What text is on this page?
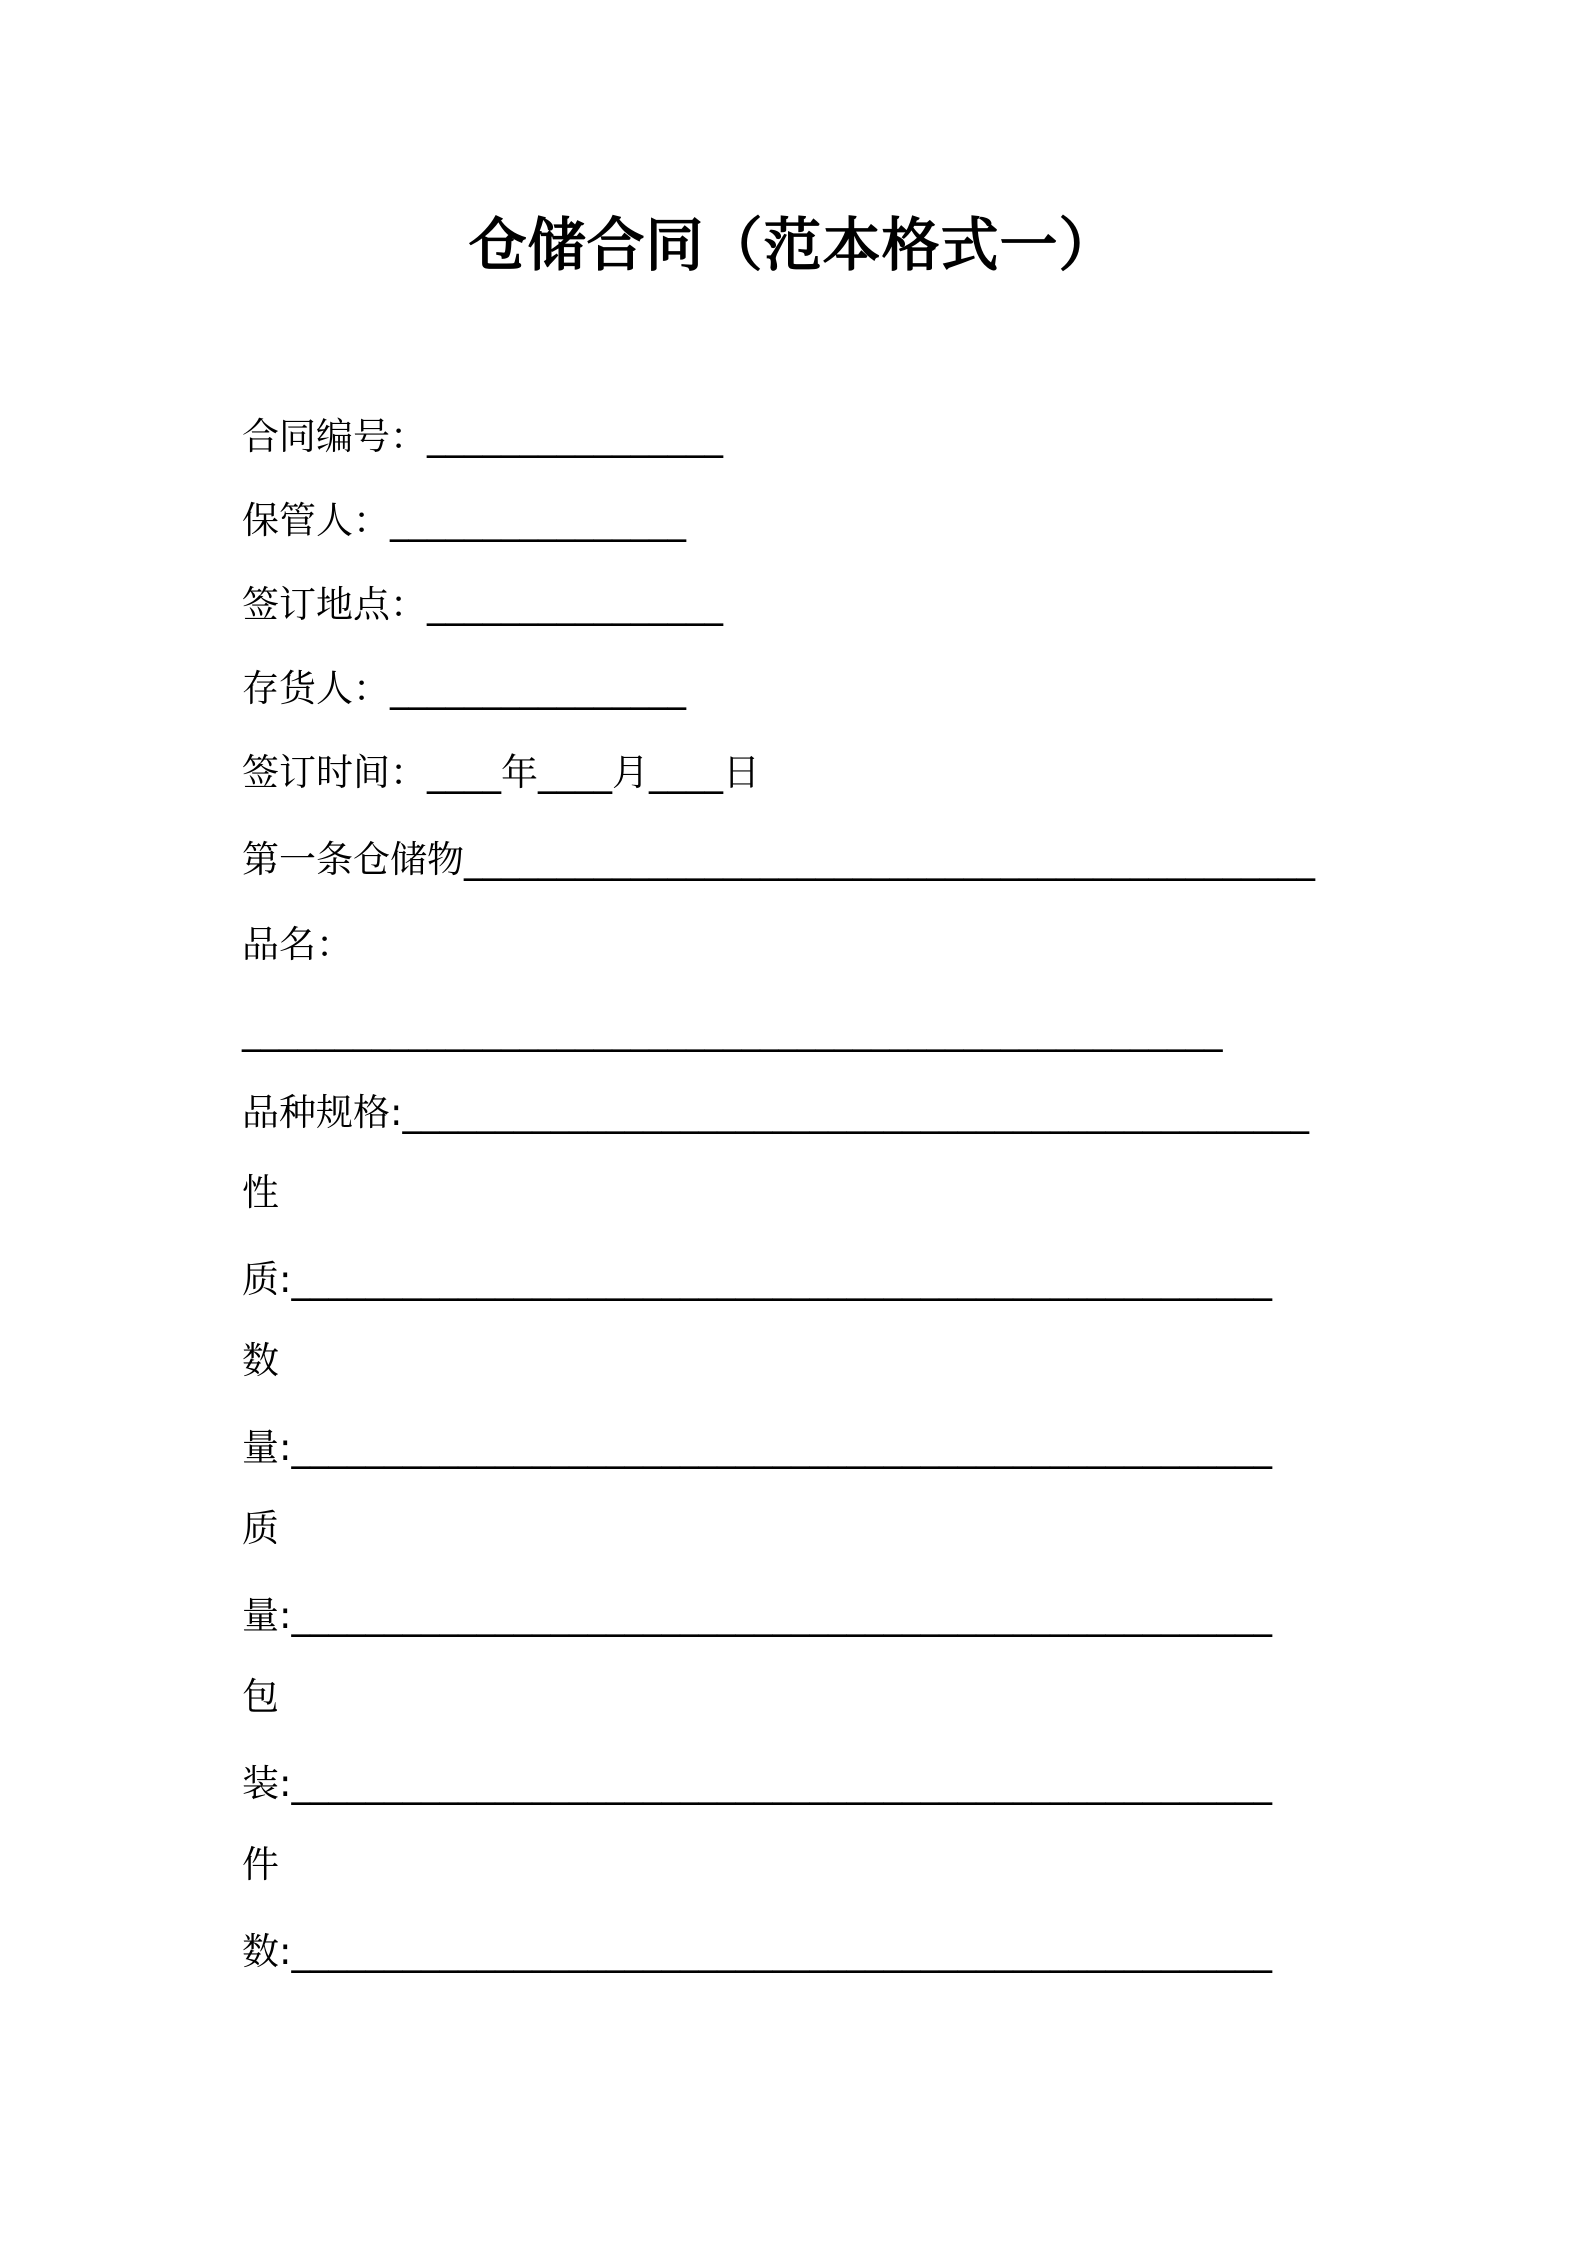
仓储合同（范本格式一）
合同编号：________________
保管人：________________
签订地点：________________
存货人：________________
签订时间：____年____月____日
第一条仓储物______________________________________________
品名：
_____________________________________________________
品种规格:_________________________________________________
性
质:_____________________________________________________
数
量:_____________________________________________________
质
量:_____________________________________________________
包
装:_____________________________________________________
件
数:_____________________________________________________
